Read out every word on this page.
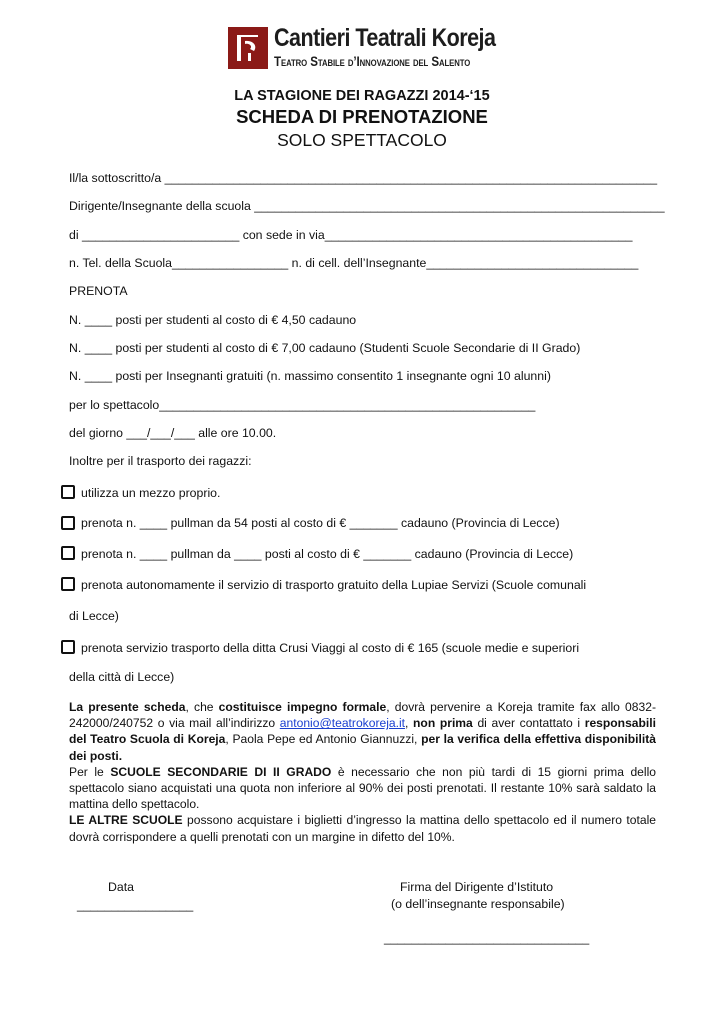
Cantieri Teatrali Koreja
Teatro Stabile d’Innovazione del Salento
LA STAGIONE DEI RAGAZZI 2014-‘15
SCHEDA DI PRENOTAZIONE
SOLO SPETTACOLO
Il/la sottoscritto/a ________________________________________________________________________
Dirigente/Insegnante della scuola ____________________________________________________________
di _______________________ con sede in via_____________________________________________
n. Tel. della Scuola_________________ n. di cell. dell’Insegnante_______________________________
PRENOTA
N. ____ posti per studenti al costo di € 4,50 cadauno
N. ____ posti per studenti al costo di € 7,00 cadauno (Studenti Scuole Secondarie di II Grado)
N. ____ posti per Insegnanti gratuiti (n. massimo consentito 1 insegnante ogni 10 alunni)
per lo spettacolo_______________________________________________________
del giorno ___/___/___ alle ore 10.00.
Inoltre per il trasporto dei ragazzi:
utilizza un mezzo proprio.
prenota n. ____ pullman da 54 posti al costo di € _______ cadauno (Provincia di Lecce)
prenota n. ____ pullman da ____ posti al costo di € _______ cadauno (Provincia di Lecce)
prenota autonomamente il servizio di trasporto gratuito della Lupiae Servizi (Scuole comunali
di Lecce)
prenota servizio trasporto della ditta Crusi Viaggi al costo di € 165 (scuole medie e superiori
della città di Lecce)

La presente scheda, che costituisce impegno formale, dovrà pervenire a Koreja tramite fax allo 0832-242000/240752 o via mail all’indirizzo antonio@teatrokoreja.it, non prima di aver contattato i responsabili del Teatro Scuola di Koreja, Paola Pepe ed Antonio Giannuzzi, per la verifica della effettiva disponibilità dei posti.

Per le SCUOLE SECONDARIE DI II GRADO è necessario che non più tardi di 15 giorni prima dello spettacolo siano acquistati una quota non inferiore al 90% dei posti prenotati. Il restante 10% sarà saldato la mattina dello spettacolo.

LE ALTRE SCUOLE possono acquistare i biglietti d’ingresso la mattina dello spettacolo ed il numero totale dovrà corrispondere a quelli prenotati con un margine in difetto del 10%.

Data
_________________
Firma del Dirigente d’Istituto
(o dell’insegnante responsabile)
______________________________
